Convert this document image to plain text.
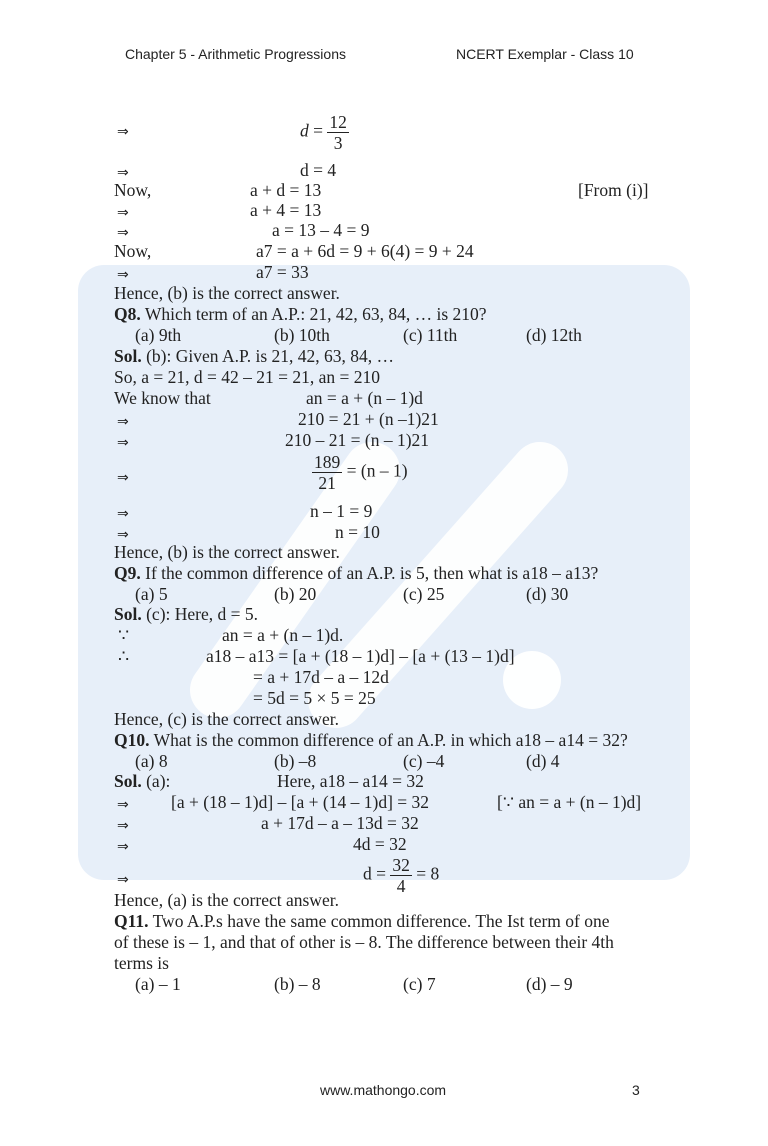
Chapter 5 - Arithmetic Progressions	NCERT Exemplar - Class 10
⇒	$d = \frac{12}{3}$
⇒	d = 4
Now,	a + d = 13	[From (i)]
⇒	a + 4 = 13
⇒	a = 13 – 4 = 9
Now,	a7 = a + 6d = 9 + 6(4) = 9 + 24
⇒	a7 = 33
Hence, (b) is the correct answer.
Q8. Which term of an A.P.: 21, 42, 63, 84, … is 210?
(a) 9th	(b) 10th	(c) 11th	(d) 12th
Sol. (b): Given A.P. is 21, 42, 63, 84, …
So, a = 21, d = 42 – 21 = 21, an = 210
We know that	an = a + (n – 1)d
⇒	210 = 21 + (n –1)21
⇒	210 – 21 = (n – 1)21
⇒	$\frac{189}{21} = (n - 1)$
⇒	n – 1 = 9
⇒	n = 10
Hence, (b) is the correct answer.
Q9. If the common difference of an A.P. is 5, then what is a18 – a13?
(a) 5	(b) 20	(c) 25	(d) 30
Sol. (c): Here, d = 5.
∵	an = a + (n – 1)d.
∴	a18 – a13 = [a + (18 – 1)d] – [a + (13 – 1)d]
= a + 17d – a – 12d
= 5d = 5 × 5 = 25
Hence, (c) is the correct answer.
Q10. What is the common difference of an A.P. in which a18 – a14 = 32?
(a) 8	(b) –8	(c) –4	(d) 4
Sol. (a):	Here, a18 – a14 = 32
⇒ [a + (18 – 1)d] – [a + (14 – 1)d] = 32	[∵ an = a + (n – 1)d]
⇒	a + 17d – a – 13d = 32
⇒	4d = 32
⇒	$d = \frac{32}{4} = 8$
Hence, (a) is the correct answer.
Q11. Two A.P.s have the same common difference. The Ist term of one
of these is – 1, and that of other is – 8. The difference between their 4th
terms is
(a) – 1	(b) – 8	(c) 7	(d) – 9
www.mathongo.com	3
